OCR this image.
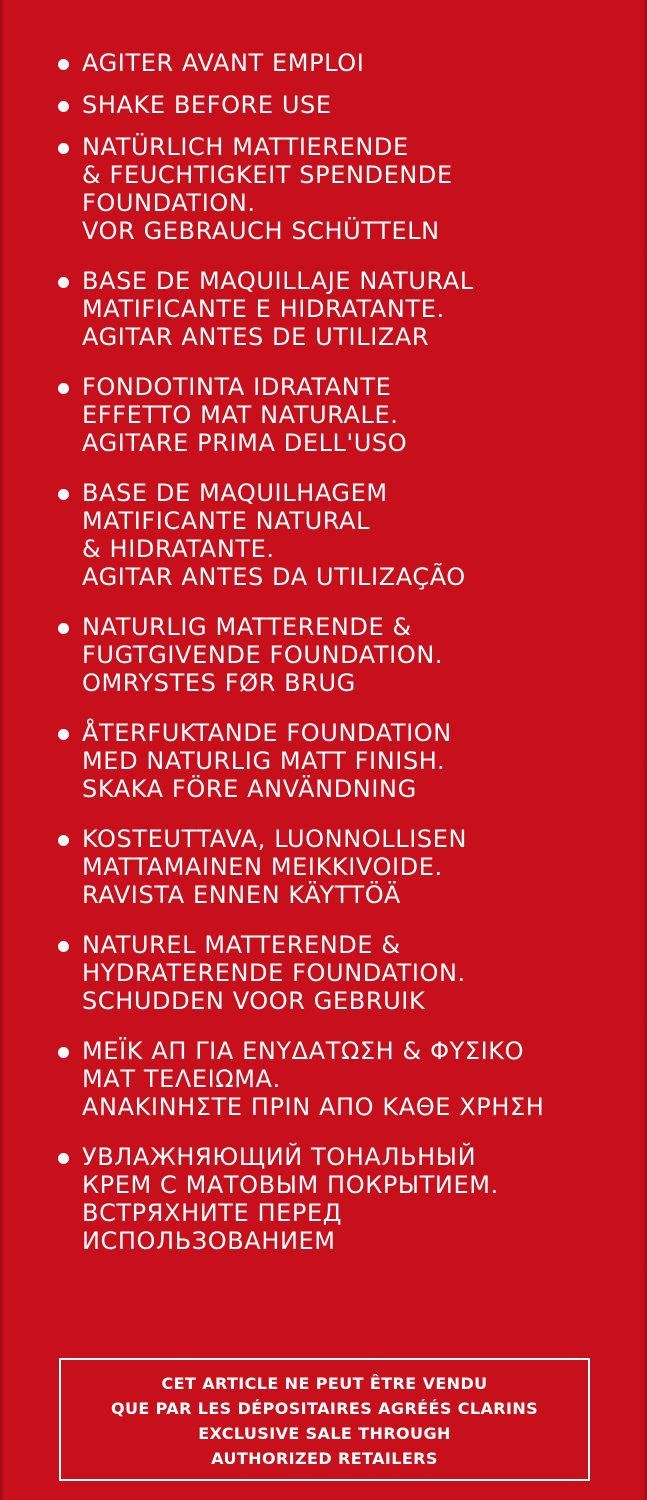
AGITER AVANT EMPLOI
SHAKE BEFORE USE
NATÜRLICH MATTIERENDE
& FEUCHTIGKEIT SPENDENDE
FOUNDATION.
VOR GEBRAUCH SCHÜTTELN
BASE DE MAQUILLAJE NATURAL
MATIFICANTE E HIDRATANTE.
AGITAR ANTES DE UTILIZAR
FONDOTINTA IDRATANTE
EFFETTO MAT NATURALE.
AGITARE PRIMA DELL'USO
BASE DE MAQUILHAGEM
MATIFICANTE NATURAL
& HIDRATANTE.
AGITAR ANTES DA UTILIZAÇÃO
NATURLIG MATTERENDE &
FUGTGIVENDE FOUNDATION.
OMRYSTES FØR BRUG
ÅTERFUKTANDE FOUNDATION
MED NATURLIG MATT FINISH.
SKAKA FÖRE ANVÄNDNING
KOSTEUTTAVA, LUONNOLLISEN
MATTAMAINEN MEIKKIVOIDE.
RAVISTA ENNEN KÄYTTÖÄ
NATUREL MATTERENDE &
HYDRATERENDE FOUNDATION.
SCHUDDEN VOOR GEBRUIK
ΜΕΪΚ ΑΠ ΓΙΑ ΕΝΥΔΑΤΩΣΗ & ΦΥΣΙΚΟ
ΜΑΤ ΤΕΛΕΙΩΜΑ.
ΑΝΑΚΙΝΗΣΤΕ ΠΡΙΝ ΑΠΟ ΚΑΘΕ ΧΡΗΣΗ
УВЛАЖНЯЮЩИЙ ТОНАЛЬНЫЙ
КРЕМ С МАТОВЫМ ПОКРЫТИЕМ.
ВСТРЯХНИТЕ ПЕРЕД
ИСПОЛЬЗОВАНИЕМ
CET ARTICLE NE PEUT ÊTRE VENDU
QUE PAR LES DÉPOSITAIRES AGRÉÉS CLARINS
EXCLUSIVE SALE THROUGH
AUTHORIZED RETAILERS
